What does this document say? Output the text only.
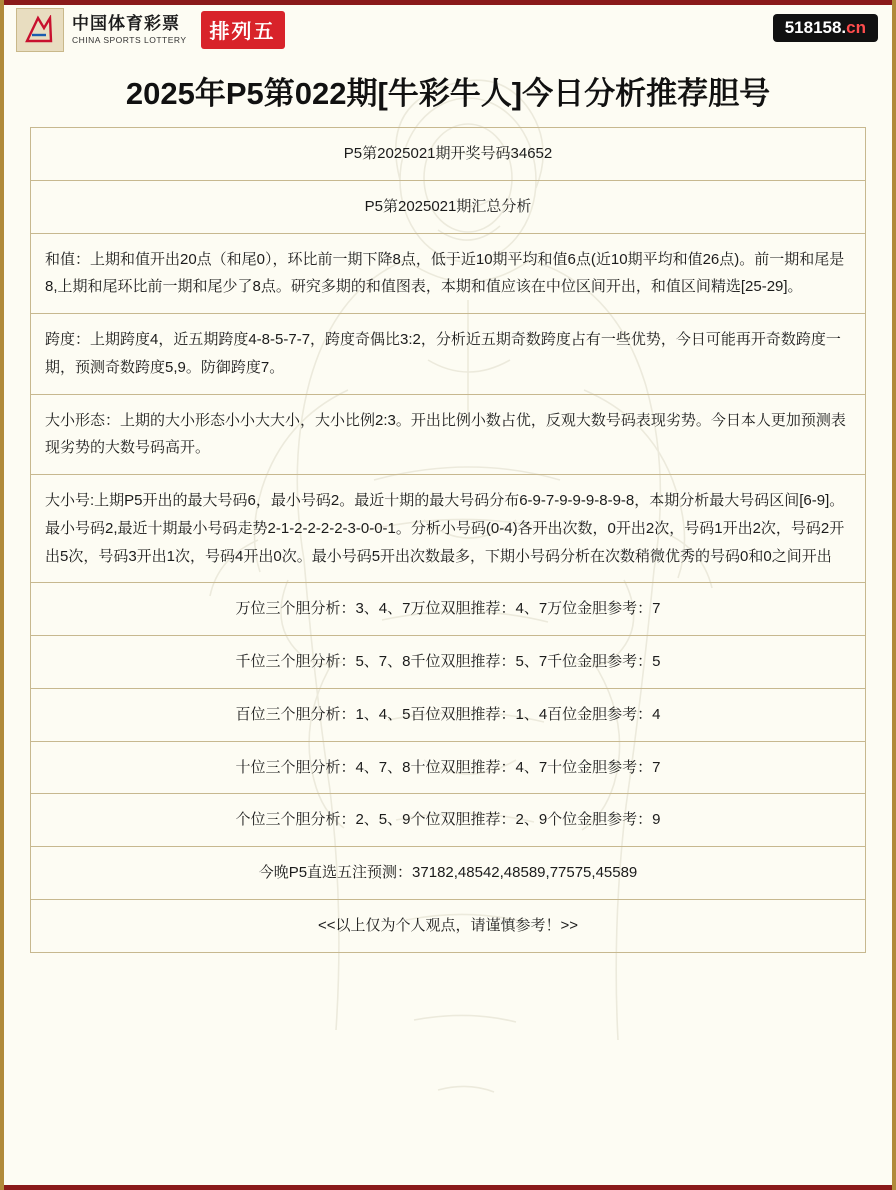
中国体育彩票
CHINA SPORTS LOTTERY	排列五	518158.cn
2025年P5第022期[牛彩牛人]今日分析推荐胆号
P5第2025021期开奖号码34652
P5第2025021期汇总分析
和值：上期和值开出20点（和尾0），环比前一期下降8点，低于近10期平均和值6点(近10期平均和值26点)。前一期和尾是8,上期和尾环比前一期和尾少了8点。研究多期的和值图表，本期和值应该在中位区间开出，和值区间精选[25-29]。
跨度：上期跨度4，近五期跨度4-8-5-7-7，跨度奇偶比3:2，分析近五期奇数跨度占有一些优势，今日可能再开奇数跨度一期，预测奇数跨度5,9。防御跨度7。
大小形态：上期的大小形态小小大大小，大小比例2:3。开出比例小数占优，反观大数号码表现劣势。今日本人更加预测表现劣势的大数号码高开。
大小号:上期P5开出的最大号码6，最小号码2。最近十期的最大号码分布6-9-7-9-9-9-8-9-8，本期分析最大号码区间[6-9]。最小号码2,最近十期最小号码走势2-1-2-2-2-2-3-0-0-1。分析小号码(0-4)各开出次数，0开出2次，号码1开出2次，号码2开出5次，号码3开出1次，号码4开出0次。最小号码5开出次数最多，下期小号码分析在次数稍微优秀的号码0和0之间开出
万位三个胆分析：3、4、7万位双胆推荐：4、7万位金胆参考：7
千位三个胆分析：5、7、8千位双胆推荐：5、7千位金胆参考：5
百位三个胆分析：1、4、5百位双胆推荐：1、4百位金胆参考：4
十位三个胆分析：4、7、8十位双胆推荐：4、7十位金胆参考：7
个位三个胆分析：2、5、9个位双胆推荐：2、9个位金胆参考：9
今晚P5直选五注预测：37182,48542,48589,77575,45589
<<以上仅为个人观点，请谨慎参考！>>
